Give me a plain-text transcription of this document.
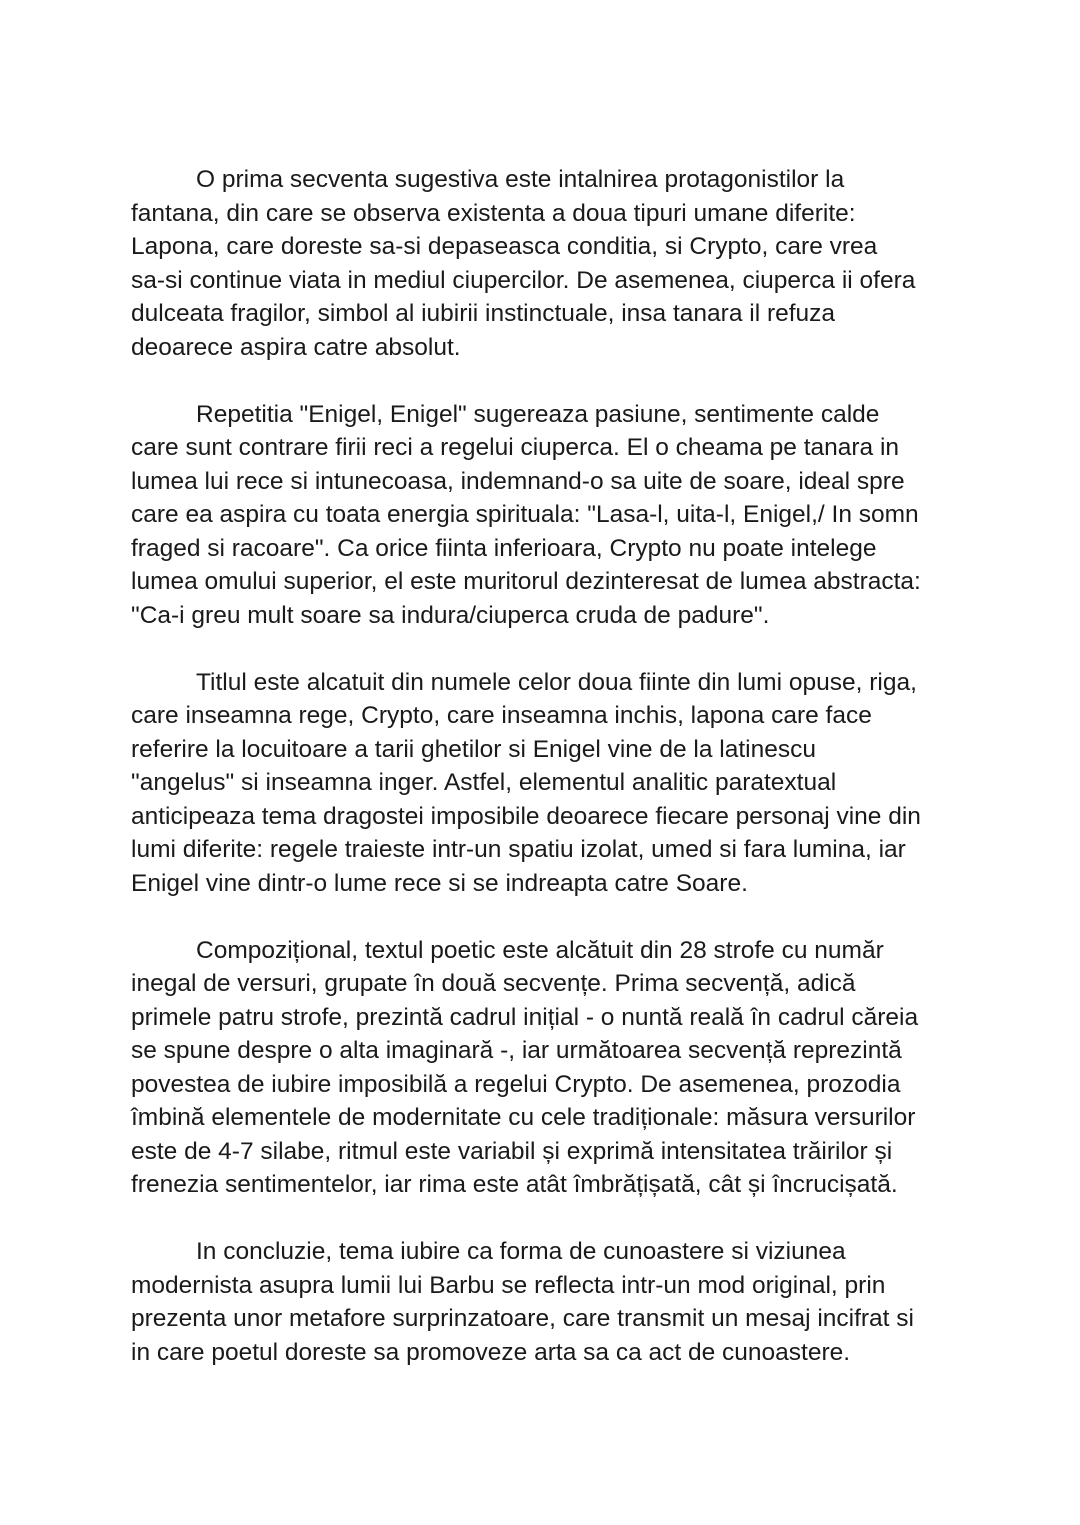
O prima secventa sugestiva este intalnirea protagonistilor la
fantana, din care se observa existenta a doua tipuri umane diferite:
Lapona, care doreste sa-si depaseasca conditia, si Crypto, care vrea
sa-si continue viata in mediul ciupercilor. De asemenea, ciuperca ii ofera
dulceata fragilor, simbol al iubirii instinctuale, insa tanara il refuza
deoarece aspira catre absolut.

Repetitia "Enigel, Enigel" sugereaza pasiune, sentimente calde
care sunt contrare firii reci a regelui ciuperca. El o cheama pe tanara in
lumea lui rece si intunecoasa, indemnand-o sa uite de soare, ideal spre
care ea aspira cu toata energia spirituala: "Lasa-l, uita-l, Enigel,/ In somn
fraged si racoare". Ca orice fiinta inferioara, Crypto nu poate intelege
lumea omului superior, el este muritorul dezinteresat de lumea abstracta:
"Ca-i greu mult soare sa indura/ciuperca cruda de padure".

Titlul este alcatuit din numele celor doua fiinte din lumi opuse, riga,
care inseamna rege, Crypto, care inseamna inchis, lapona care face
referire la locuitoare a tarii ghetilor si Enigel vine de la latinescu
"angelus" si inseamna inger. Astfel, elementul analitic paratextual
anticipeaza tema dragostei imposibile deoarece fiecare personaj vine din
lumi diferite: regele traieste intr-un spatiu izolat, umed si fara lumina, iar
Enigel vine dintr-o lume rece si se indreapta catre Soare.

Compozițional, textul poetic este alcătuit din 28 strofe cu număr
inegal de versuri, grupate în două secvențe. Prima secvență, adică
primele patru strofe, prezintă cadrul inițial - o nuntă reală în cadrul căreia
se spune despre o alta imaginară -, iar următoarea secvență reprezintă
povestea de iubire imposibilă a regelui Crypto. De asemenea, prozodia
îmbină elementele de modernitate cu cele tradiționale: măsura versurilor
este de 4-7 silabe, ritmul este variabil și exprimă intensitatea trăirilor și
frenezia sentimentelor, iar rima este atât îmbrățișată, cât și încrucișată.

In concluzie, tema iubire ca forma de cunoastere si viziunea
modernista asupra lumii lui Barbu se reflecta intr-un mod original, prin
prezenta unor metafore surprinzatoare, care transmit un mesaj incifrat si
in care poetul doreste sa promoveze arta sa ca act de cunoastere.
